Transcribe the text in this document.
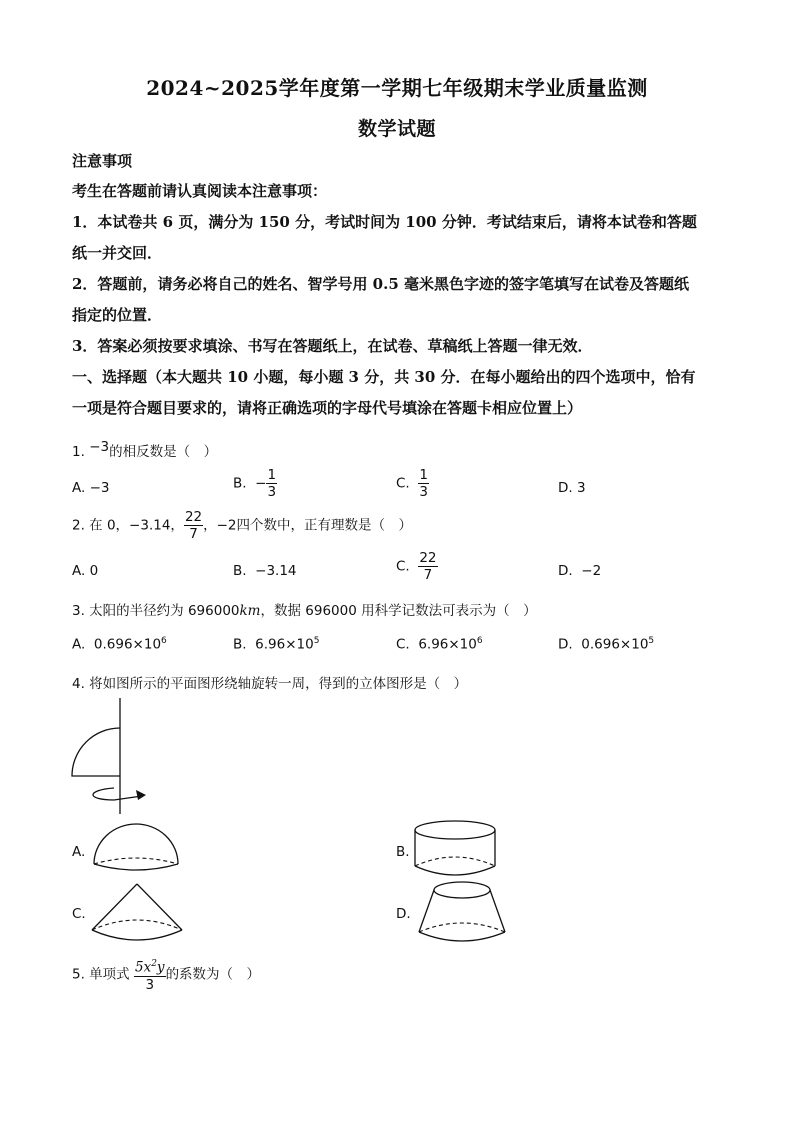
2024~2025学年度第一学期七年级期末学业质量监测
数学试题
注意事项
考生在答题前请认真阅读本注意事项：
1．本试卷共 6 页，满分为 150 分，考试时间为 100 分钟．考试结束后，请将本试卷和答题
纸一并交回．
2．答题前，请务必将自己的姓名、智学号用 0.5 毫米黑色字迹的签字笔填写在试卷及答题纸
指定的位置．
3．答案必须按要求填涂、书写在答题纸上，在试卷、草稿纸上答题一律无效．
一、选择题（本大题共 10 小题，每小题 3 分，共 30 分．在每小题给出的四个选项中，恰有
一项是符合题目要求的，请将正确选项的字母代号填涂在答题卡相应位置上）
1. −3的相反数是（　）
A. −3	B. − $\frac{1}{3}$	C. $\frac{1}{3}$	D. 3
2. 在 0，−3.14， $\frac{22}{7}$ ，−2四个数中，正有理数是（　）
A. 0	B. −3.14	C. $\frac{22}{7}$	D. −2
3. 太阳的半径约为 696000km，数据 696000 用科学记数法可表示为（　）
A. $0.696\times 10^6$	B. $6.96\times 10^5$	C. $6.96\times 10^6$	D. $0.696\times 10^5$
4. 将如图所示的平面图形绕轴旋转一周，得到的立体图形是（　）
A.	B.
C.	D.
5. 单项式 $\frac{5x^2y}{3}$ 的系数为（　）
